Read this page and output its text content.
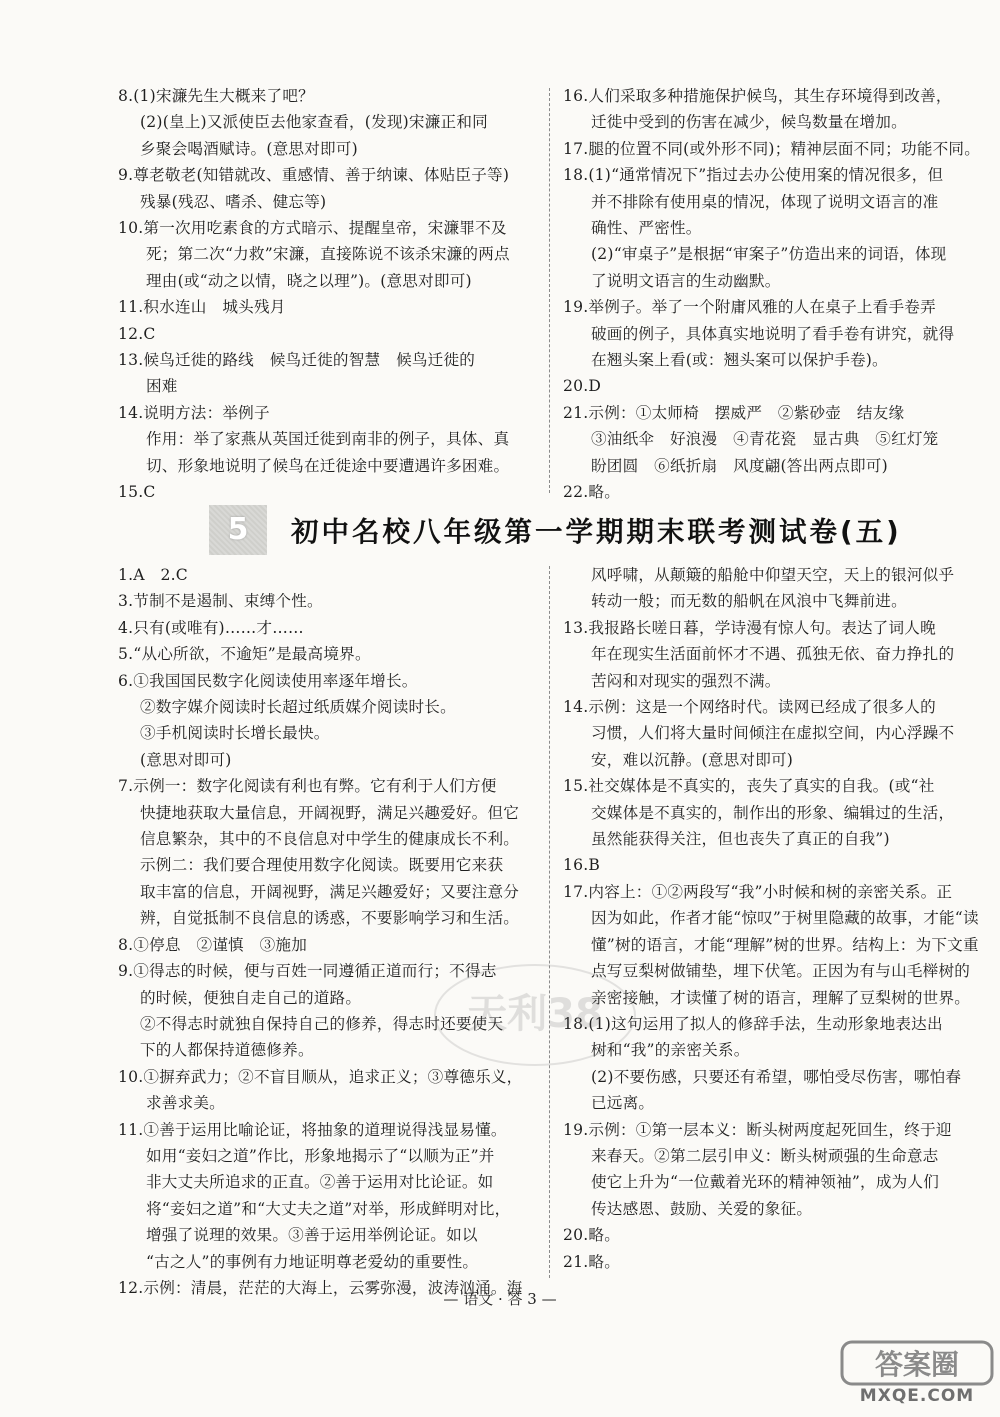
8.(1)宋濂先生大概来了吧？

(2)(皇上)又派使臣去他家查看，(发现)宋濂正和同

乡聚会喝酒赋诗。(意思对即可)

9.尊老敬老(知错就改、重感情、善于纳谏、体贴臣子等)

残暴(残忍、嗜杀、健忘等)

10.第一次用吃素食的方式暗示、提醒皇帝，宋濂罪不及

死；第二次“力救”宋濂，直接陈说不该杀宋濂的两点

理由(或“动之以情，晓之以理”)。(意思对即可)

11.积水连山　城头残月

12.C

13.候鸟迁徙的路线　候鸟迁徙的智慧　候鸟迁徙的

困难

14.说明方法：举例子

作用：举了家燕从英国迁徙到南非的例子，具体、真

切、形象地说明了候鸟在迁徙途中要遭遇许多困难。

15.C

16.人们采取多种措施保护候鸟，其生存环境得到改善，

迁徙中受到的伤害在减少，候鸟数量在增加。

17.腿的位置不同(或外形不同)；精神层面不同；功能不同。

18.(1)“通常情况下”指过去办公使用案的情况很多，但

并不排除有使用桌的情况，体现了说明文语言的准

确性、严密性。

(2)“审桌子”是根据“审案子”仿造出来的词语，体现

了说明文语言的生动幽默。

19.举例子。举了一个附庸风雅的人在桌子上看手卷弄

破画的例子，具体真实地说明了看手卷有讲究，就得

在翘头案上看(或：翘头案可以保护手卷)。

20.D

21.示例：①太师椅　摆威严　②紫砂壶　结友缘

③油纸伞　好浪漫　④青花瓷　显古典　⑤红灯笼

盼团圆　⑥纸折扇　风度翩(答出两点即可)

22.略。

5	初中名校八年级第一学期期末联考测试卷(五)

1.A　2.C

3.节制不是遏制、束缚个性。

4.只有(或唯有)……才……

5.“从心所欲，不逾矩”是最高境界。

6.①我国国民数字化阅读使用率逐年增长。

②数字媒介阅读时长超过纸质媒介阅读时长。

③手机阅读时长增长最快。

(意思对即可)

7.示例一：数字化阅读有利也有弊。它有利于人们方便

快捷地获取大量信息，开阔视野，满足兴趣爱好。但它

信息繁杂，其中的不良信息对中学生的健康成长不利。

示例二：我们要合理使用数字化阅读。既要用它来获

取丰富的信息，开阔视野，满足兴趣爱好；又要注意分

辨，自觉抵制不良信息的诱惑，不要影响学习和生活。

8.①停息　②谨慎　③施加

9.①得志的时候，便与百姓一同遵循正道而行；不得志

的时候，便独自走自己的道路。

②不得志时就独自保持自己的修养，得志时还要使天

下的人都保持道德修养。

10.①摒弃武力；②不盲目顺从，追求正义；③尊德乐义，

求善求美。

11.①善于运用比喻论证，将抽象的道理说得浅显易懂。

如用“妾妇之道”作比，形象地揭示了“以顺为正”并

非大丈夫所追求的正直。②善于运用对比论证。如

将“妾妇之道”和“大丈夫之道”对举，形成鲜明对比，

增强了说理的效果。③善于运用举例论证。如以

“古之人”的事例有力地证明尊老爱幼的重要性。

12.示例：清晨，茫茫的大海上，云雾弥漫，波涛汹涌。海

风呼啸，从颠簸的船舱中仰望天空，天上的银河似乎

转动一般；而无数的船帆在风浪中飞舞前进。

13.我报路长嗟日暮，学诗漫有惊人句。表达了词人晚

年在现实生活面前怀才不遇、孤独无依、奋力挣扎的

苦闷和对现实的强烈不满。

14.示例：这是一个网络时代。读网已经成了很多人的

习惯，人们将大量时间倾注在虚拟空间，内心浮躁不

安，难以沉静。(意思对即可)

15.社交媒体是不真实的，丧失了真实的自我。(或“社

交媒体是不真实的，制作出的形象、编辑过的生活，

虽然能获得关注，但也丧失了真正的自我”)

16.B

17.内容上：①②两段写“我”小时候和树的亲密关系。正

因为如此，作者才能“惊叹”于树里隐藏的故事，才能“读

懂”树的语言，才能“理解”树的世界。结构上：为下文重

点写豆梨树做铺垫，埋下伏笔。正因为有与山毛榉树的

亲密接触，才读懂了树的语言，理解了豆梨树的世界。

18.(1)这句运用了拟人的修辞手法，生动形象地表达出

树和“我”的亲密关系。

(2)不要伤感，只要还有希望，哪怕受尽伤害，哪怕春

已远离。

19.示例：①第一层本义：断头树两度起死回生，终于迎

来春天。②第二层引申义：断头树顽强的生命意志

使它上升为“一位戴着光环的精神领袖”，成为人们

传达感恩、鼓励、关爱的象征。

20.略。

21.略。

天利38
— 语文 · 答 3 —
答案圈
MXQE.COM
